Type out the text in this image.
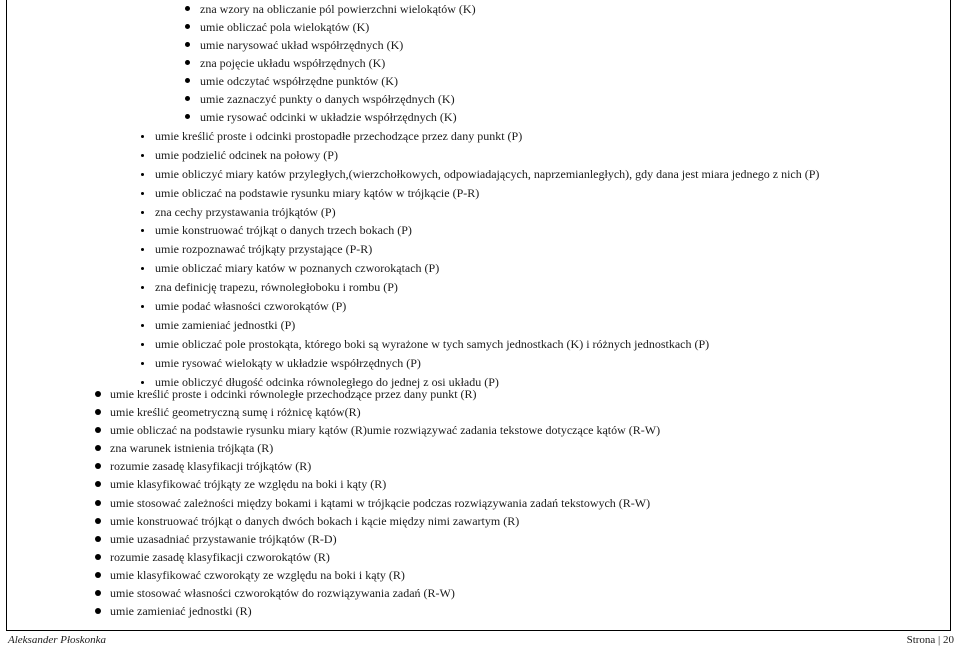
zna wzory na obliczanie pól powierzchni wielokątów (K)
umie obliczać pola wielokątów (K)
umie narysować układ współrzędnych (K)
zna pojęcie układu współrzędnych (K)
umie odczytać współrzędne punktów (K)
umie zaznaczyć punkty o danych współrzędnych (K)
umie rysować odcinki w układzie współrzędnych (K)
umie kreślić proste i odcinki prostopadłe przechodzące przez dany punkt (P)
umie podzielić odcinek na połowy (P)
umie obliczyć miary katów przyległych,(wierzchołkowych, odpowiadających, naprzemianległych), gdy dana jest miara jednego z nich (P)
umie obliczać na podstawie rysunku miary kątów w trójkącie (P-R)
zna cechy przystawania trójkątów (P)
umie konstruować trójkąt o danych trzech bokach (P)
umie rozpoznawać trójkąty przystające (P-R)
umie obliczać miary katów w poznanych czworokątach (P)
zna definicję trapezu, równoległoboku i rombu (P)
umie podać własności czworokątów (P)
umie zamieniać jednostki (P)
umie obliczać pole prostokąta, którego boki są wyrażone w tych samych jednostkach (K) i różnych jednostkach (P)
umie rysować wielokąty w układzie współrzędnych (P)
umie obliczyć długość odcinka równoległego do jednej z osi układu (P)
umie kreślić proste i odcinki równoległe przechodzące przez dany punkt (R)
umie kreślić geometryczną sumę i różnicę kątów(R)
umie obliczać na podstawie rysunku miary kątów (R)umie rozwiązywać zadania tekstowe dotyczące kątów (R-W)
zna warunek istnienia trójkąta (R)
rozumie zasadę klasyfikacji trójkątów (R)
umie klasyfikować trójkąty ze względu na boki i kąty (R)
umie stosować zależności między bokami i kątami w trójkącie podczas rozwiązywania zadań tekstowych (R-W)
umie konstruować trójkąt o danych dwóch bokach i kącie między nimi zawartym (R)
umie uzasadniać przystawanie trójkątów (R-D)
rozumie zasadę klasyfikacji czworokątów (R)
umie klasyfikować czworokąty ze względu na boki i kąty (R)
umie stosować własności czworokątów do rozwiązywania zadań (R-W)
umie zamieniać jednostki (R)
Aleksander Płoskonka	Strona | 20
